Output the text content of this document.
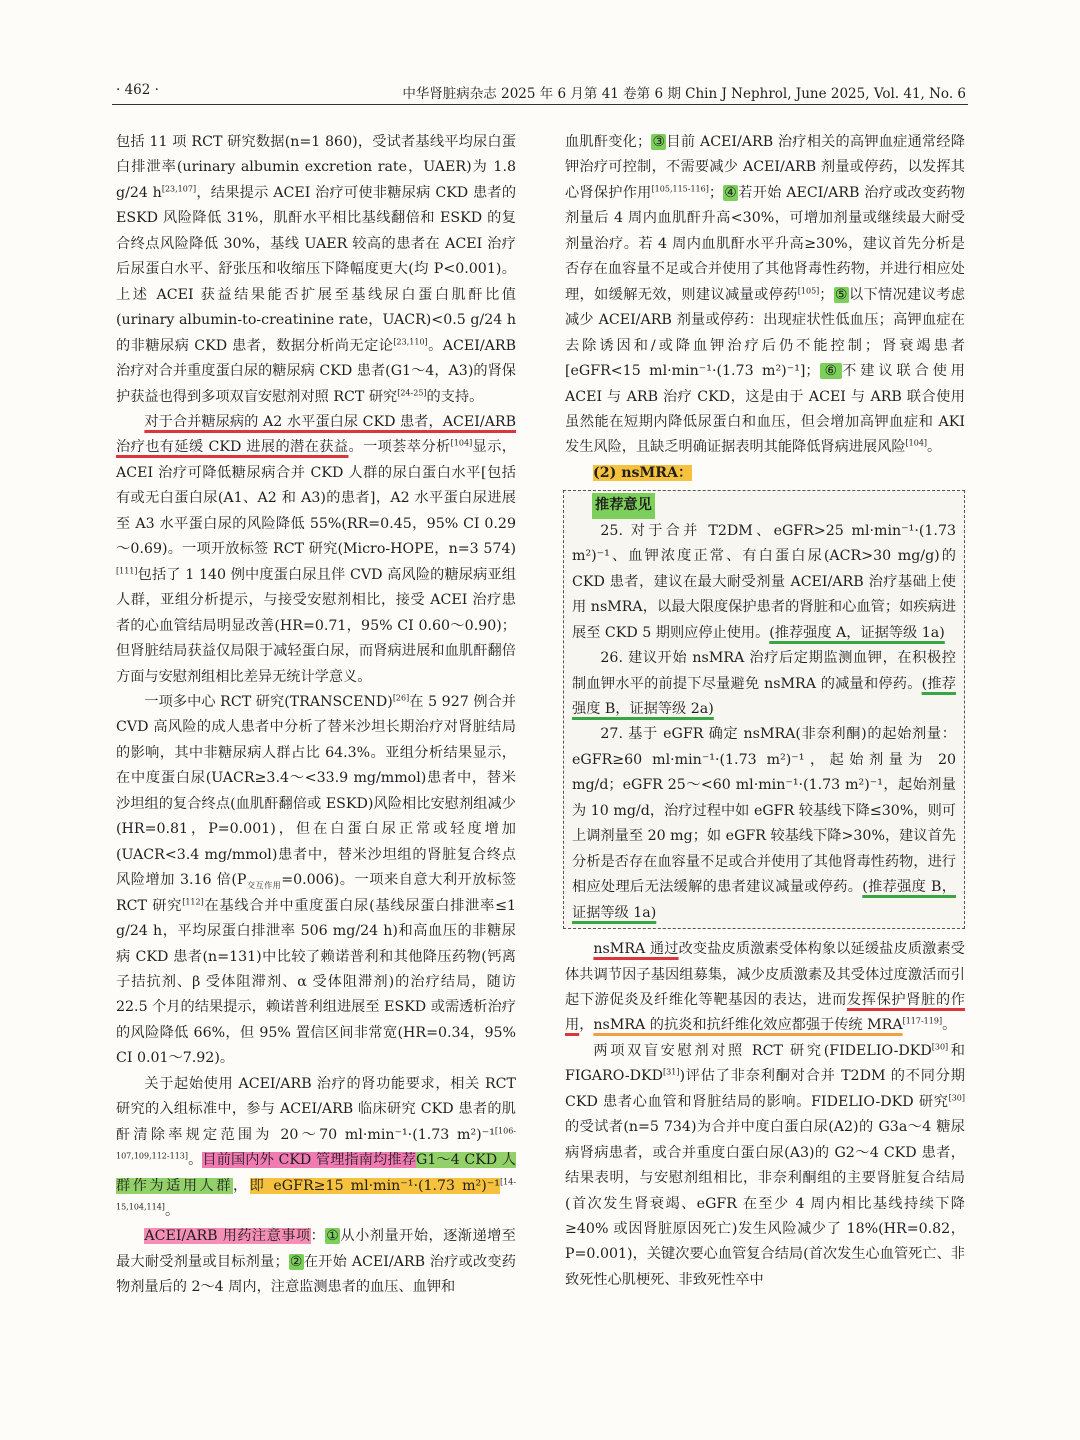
· 462 ·	中华肾脏病杂志 2025 年 6 月第 41 卷第 6 期 Chin J Nephrol, June 2025, Vol. 41, No. 6

包括 11 项 RCT 研究数据(n=1 860)，受试者基线平均尿白蛋白排泄率(urinary albumin excretion rate，UAER)为 1.8 g/24 h[23,107]，结果提示 ACEI 治疗可使非糖尿病 CKD 患者的 ESKD 风险降低 31%，肌酐水平相比基线翻倍和 ESKD 的复合终点风险降低 30%，基线 UAER 较高的患者在 ACEI 治疗后尿蛋白水平、舒张压和收缩压下降幅度更大(均 P<0.001)。上述 ACEI 获益结果能否扩展至基线尿白蛋白肌酐比值(urinary albumin-to-creatinine rate，UACR)<0.5 g/24 h 的非糖尿病 CKD 患者，数据分析尚无定论[23,110]。ACEI/ARB 治疗对合并重度蛋白尿的糖尿病 CKD 患者(G1～4，A3)的肾保护获益也得到多项双盲安慰剂对照 RCT 研究[24-25]的支持。

对于合并糖尿病的 A2 水平蛋白尿 CKD 患者，ACEI/ARB 治疗也有延缓 CKD 进展的潜在获益。一项荟萃分析[104]显示，ACEI 治疗可降低糖尿病合并 CKD 人群的尿白蛋白水平[包括有或无白蛋白尿(A1、A2 和 A3)的患者]，A2 水平蛋白尿进展至 A3 水平蛋白尿的风险降低 55%(RR=0.45，95% CI 0.29～0.69)。一项开放标签 RCT 研究(Micro-HOPE，n=3 574)[111]包括了 1 140 例中度蛋白尿且伴 CVD 高风险的糖尿病亚组人群，亚组分析提示，与接受安慰剂相比，接受 ACEI 治疗患者的心血管结局明显改善(HR=0.71，95% CI 0.60～0.90)；但肾脏结局获益仅局限于减轻蛋白尿，而肾病进展和血肌酐翻倍方面与安慰剂组相比差异无统计学意义。

一项多中心 RCT 研究(TRANSCEND)[26]在 5 927 例合并 CVD 高风险的成人患者中分析了替米沙坦长期治疗对肾脏结局的影响，其中非糖尿病人群占比 64.3%。亚组分析结果显示，在中度蛋白尿(UACR≥3.4～<33.9 mg/mmol)患者中，替米沙坦组的复合终点(血肌酐翻倍或 ESKD)风险相比安慰剂组减少(HR=0.81，P=0.001)，但在白蛋白尿正常或轻度增加(UACR<3.4 mg/mmol)患者中，替米沙坦组的肾脏复合终点风险增加 3.16 倍$(P_{交互作用}=0.006)$。一项来自意大利开放标签 RCT 研究[112]在基线合并中重度蛋白尿(基线尿蛋白排泄率≤1 g/24 h，平均尿蛋白排泄率 506 mg/24 h)和高血压的非糖尿病 CKD 患者(n=131)中比较了赖诺普利和其他降压药物(钙离子拮抗剂、β 受体阻滞剂、α 受体阻滞剂)的治疗结局，随访 22.5 个月的结果提示，赖诺普利组进展至 ESKD 或需透析治疗的风险降低 66%，但 95% 置信区间非常宽(HR=0.34，95% CI 0.01～7.92)。

关于起始使用 ACEI/ARB 治疗的肾功能要求，相关 RCT 研究的入组标准中，参与 ACEI/ARB 临床研究 CKD 患者的肌酐清除率规定范围为 20～70 ml·min⁻¹·(1.73 m²)⁻¹[106-107,109,112-113]。目前国内外 CKD 管理指南均推荐G1～4 CKD 人群作为适用人群，即 eGFR≥15 ml·min⁻¹·(1.73 m²)⁻¹[14-15,104,114]。

ACEI/ARB 用药注意事项：①从小剂量开始，逐渐递增至最大耐受剂量或目标剂量；②在开始 ACEI/ARB 治疗或改变药物剂量后的 2～4 周内，注意监测患者的血压、血钾和

血肌酐变化；③目前 ACEI/ARB 治疗相关的高钾血症通常经降钾治疗可控制，不需要减少 ACEI/ARB 剂量或停药，以发挥其心肾保护作用[105,115-116]；④若开始 AECI/ARB 治疗或改变药物剂量后 4 周内血肌酐升高<30%，可增加剂量或继续最大耐受剂量治疗。若 4 周内血肌酐水平升高≥30%，建议首先分析是否存在血容量不足或合并使用了其他肾毒性药物，并进行相应处理，如缓解无效，则建议减量或停药[105]；⑤以下情况建议考虑减少 ACEI/ARB 剂量或停药：出现症状性低血压；高钾血症在去除诱因和/或降血钾治疗后仍不能控制；肾衰竭患者[eGFR<15 ml·min⁻¹·(1.73 m²)⁻¹]；⑥不建议联合使用 ACEI 与 ARB 治疗 CKD，这是由于 ACEI 与 ARB 联合使用虽然能在短期内降低尿蛋白和血压，但会增加高钾血症和 AKI 发生风险，且缺乏明确证据表明其能降低肾病进展风险[104]。

(2) nsMRA：

推荐意见

25. 对于合并 T2DM、eGFR>25 ml·min⁻¹·(1.73 m²)⁻¹、血钾浓度正常、有白蛋白尿(ACR>30 mg/g)的 CKD 患者，建议在最大耐受剂量 ACEI/ARB 治疗基础上使用 nsMRA，以最大限度保护患者的肾脏和心血管；如疾病进展至 CKD 5 期则应停止使用。(推荐强度 A，证据等级 1a)

26. 建议开始 nsMRA 治疗后定期监测血钾，在积极控制血钾水平的前提下尽量避免 nsMRA 的减量和停药。(推荐强度 B，证据等级 2a)

27. 基于 eGFR 确定 nsMRA(非奈利酮)的起始剂量：eGFR≥60 ml·min⁻¹·(1.73 m²)⁻¹，起始剂量为 20 mg/d；eGFR 25～<60 ml·min⁻¹·(1.73 m²)⁻¹，起始剂量为 10 mg/d，治疗过程中如 eGFR 较基线下降≤30%，则可上调剂量至 20 mg；如 eGFR 较基线下降>30%，建议首先分析是否存在血容量不足或合并使用了其他肾毒性药物，进行相应处理后无法缓解的患者建议减量或停药。(推荐强度 B，证据等级 1a)

nsMRA 通过改变盐皮质激素受体构象以延缓盐皮质激素受体共调节因子基因组募集，减少皮质激素及其受体过度激活而引起下游促炎及纤维化等靶基因的表达，进而发挥保护肾脏的作用，nsMRA 的抗炎和抗纤维化效应都强于传统 MRA[117-119]。

两项双盲安慰剂对照 RCT 研究(FIDELIO-DKD[30]和 FIGARO-DKD[31])评估了非奈利酮对合并 T2DM 的不同分期 CKD 患者心血管和肾脏结局的影响。FIDELIO-DKD 研究[30]的受试者(n=5 734)为合并中度白蛋白尿(A2)的 G3a～4 糖尿病肾病患者，或合并重度白蛋白尿(A3)的 G2～4 CKD 患者，结果表明，与安慰剂组相比，非奈利酮组的主要肾脏复合结局(首次发生肾衰竭、eGFR 在至少 4 周内相比基线持续下降≥40% 或因肾脏原因死亡)发生风险减少了 18%(HR=0.82，P=0.001)，关键次要心血管复合结局(首次发生心血管死亡、非致死性心肌梗死、非致死性卒中
